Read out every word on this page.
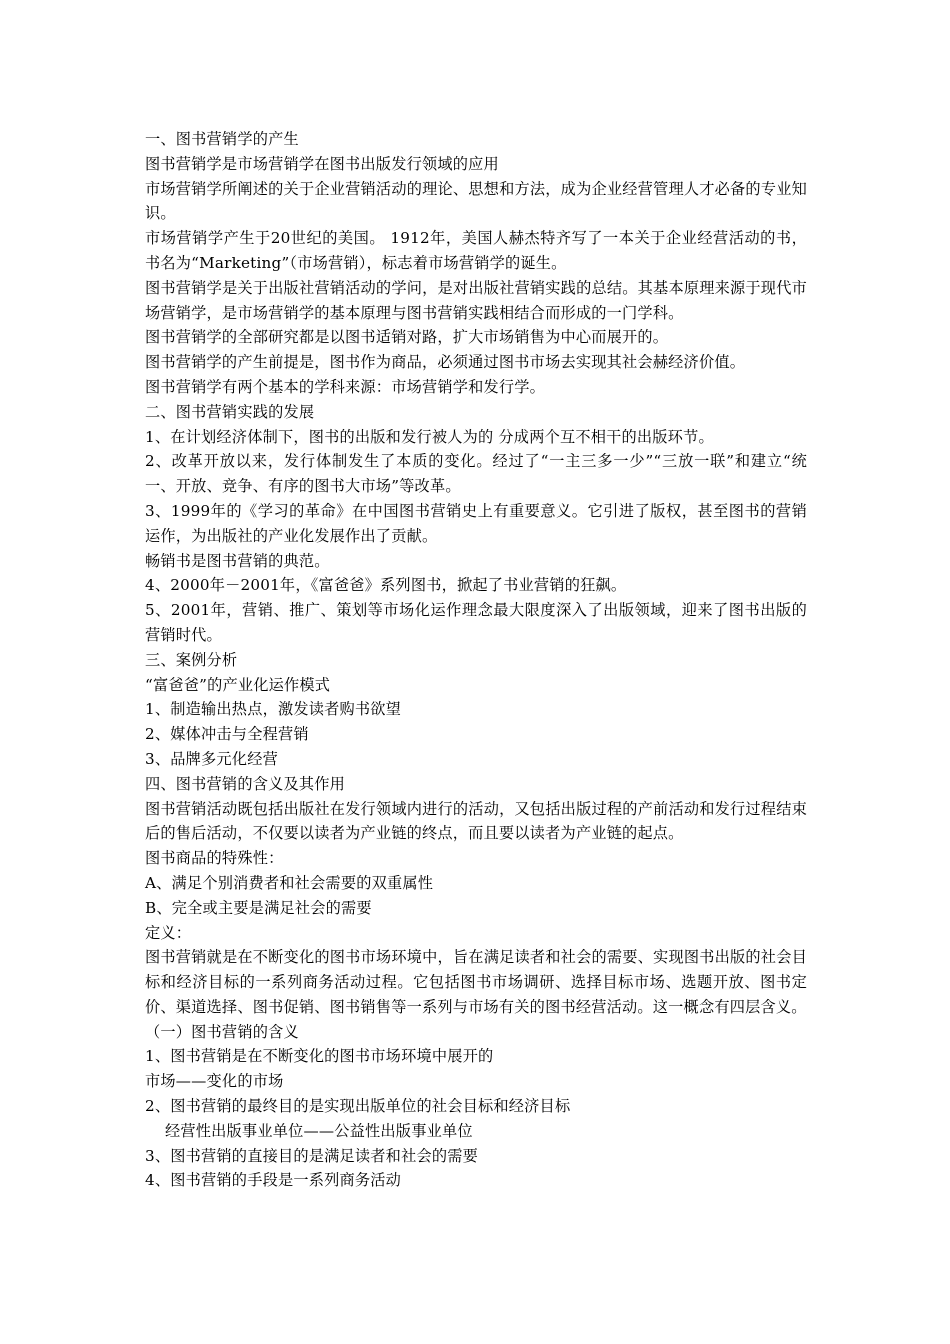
一、图书营销学的产生

图书营销学是市场营销学在图书出版发行领域的应用

市场营销学所阐述的关于企业营销活动的理论、思想和方法，成为企业经营管理人才必备的专业知识。

市场营销学产生于20世纪的美国。 1912年，美国人赫杰特齐写了一本关于企业经营活动的书，书名为“Marketing”（市场营销），标志着市场营销学的诞生。

图书营销学是关于出版社营销活动的学问，是对出版社营销实践的总结。其基本原理来源于现代市场营销学，是市场营销学的基本原理与图书营销实践相结合而形成的一门学科。

图书营销学的全部研究都是以图书适销对路，扩大市场销售为中心而展开的。

图书营销学的产生前提是，图书作为商品，必须通过图书市场去实现其社会赫经济价值。

图书营销学有两个基本的学科来源：市场营销学和发行学。

二、图书营销实践的发展

1、在计划经济体制下，图书的出版和发行被人为的 分成两个互不相干的出版环节。

2、改革开放以来，发行体制发生了本质的变化。经过了“一主三多一少”“三放一联”和建立“统一、开放、竞争、有序的图书大市场”等改革。

3、1999年的《学习的革命》在中国图书营销史上有重要意义。它引进了版权，甚至图书的营销运作，为出版社的产业化发展作出了贡献。

畅销书是图书营销的典范。

4、2000年－2001年，《富爸爸》系列图书，掀起了书业营销的狂飙。

5、2001年，营销、推广、策划等市场化运作理念最大限度深入了出版领域，迎来了图书出版的营销时代。

三、案例分析

“富爸爸”的产业化运作模式

1、制造输出热点，激发读者购书欲望

2、媒体冲击与全程营销

3、品牌多元化经营

四、图书营销的含义及其作用

图书营销活动既包括出版社在发行领域内进行的活动，又包括出版过程的产前活动和发行过程结束后的售后活动，不仅要以读者为产业链的终点，而且要以读者为产业链的起点。

图书商品的特殊性：

A、满足个别消费者和社会需要的双重属性

B、完全或主要是满足社会的需要

定义：

图书营销就是在不断变化的图书市场环境中，旨在满足读者和社会的需要、实现图书出版的社会目标和经济目标的一系列商务活动过程。它包括图书市场调研、选择目标市场、选题开放、图书定价、渠道选择、图书促销、图书销售等一系列与市场有关的图书经营活动。这一概念有四层含义。

（一）图书营销的含义

1、图书营销是在不断变化的图书市场环境中展开的

市场——变化的市场

2、图书营销的最终目的是实现出版单位的社会目标和经济目标

经营性出版事业单位——公益性出版事业单位

3、图书营销的直接目的是满足读者和社会的需要

4、图书营销的手段是一系列商务活动
